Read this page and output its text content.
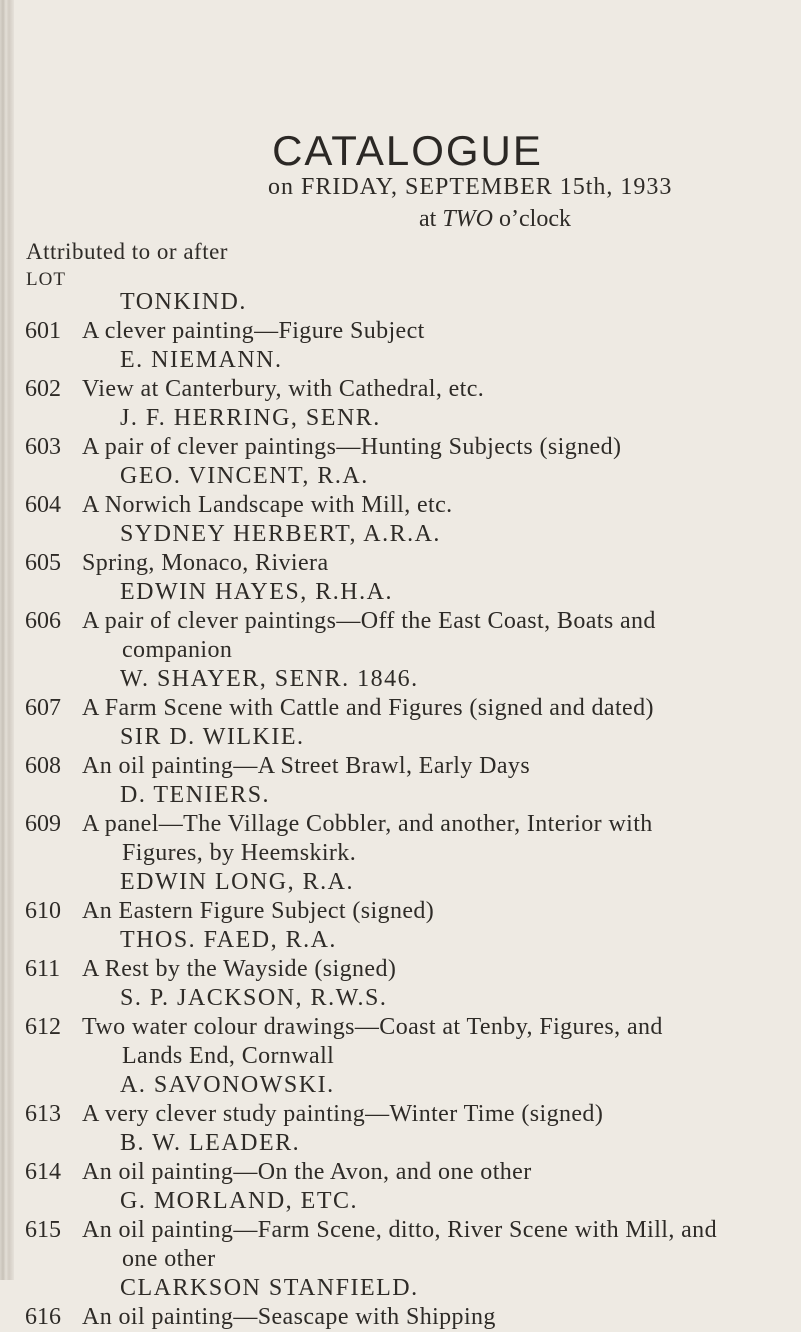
CATALOGUE
on FRIDAY, SEPTEMBER 15th, 1933
at TWO o’clock
Attributed to or after
LOT
TONKIND.
601 A clever painting—Figure Subject
E. NIEMANN.
602 View at Canterbury, with Cathedral, etc.
J. F. HERRING, SENR.
603 A pair of clever paintings—Hunting Subjects (signed)
GEO. VINCENT, R.A.
604 A Norwich Landscape with Mill, etc.
SYDNEY HERBERT, A.R.A.
605 Spring, Monaco, Riviera
EDWIN HAYES, R.H.A.
606 A pair of clever paintings—Off the East Coast, Boats and
companion
W. SHAYER, SENR. 1846.
607 A Farm Scene with Cattle and Figures (signed and dated)
SIR D. WILKIE.
608 An oil painting—A Street Brawl, Early Days
D. TENIERS.
609 A panel—The Village Cobbler, and another, Interior with
Figures, by Heemskirk.
EDWIN LONG, R.A.
610 An Eastern Figure Subject (signed)
THOS. FAED, R.A.
611 A Rest by the Wayside (signed)
S. P. JACKSON, R.W.S.
612 Two water colour drawings—Coast at Tenby, Figures, and
Lands End, Cornwall
A. SAVONOWSKI.
613 A very clever study painting—Winter Time (signed)
B. W. LEADER.
614 An oil painting—On the Avon, and one other
G. MORLAND, ETC.
615 An oil painting—Farm Scene, ditto, River Scene with Mill, and
one other
CLARKSON STANFIELD.
616 An oil painting—Seascape with Shipping
